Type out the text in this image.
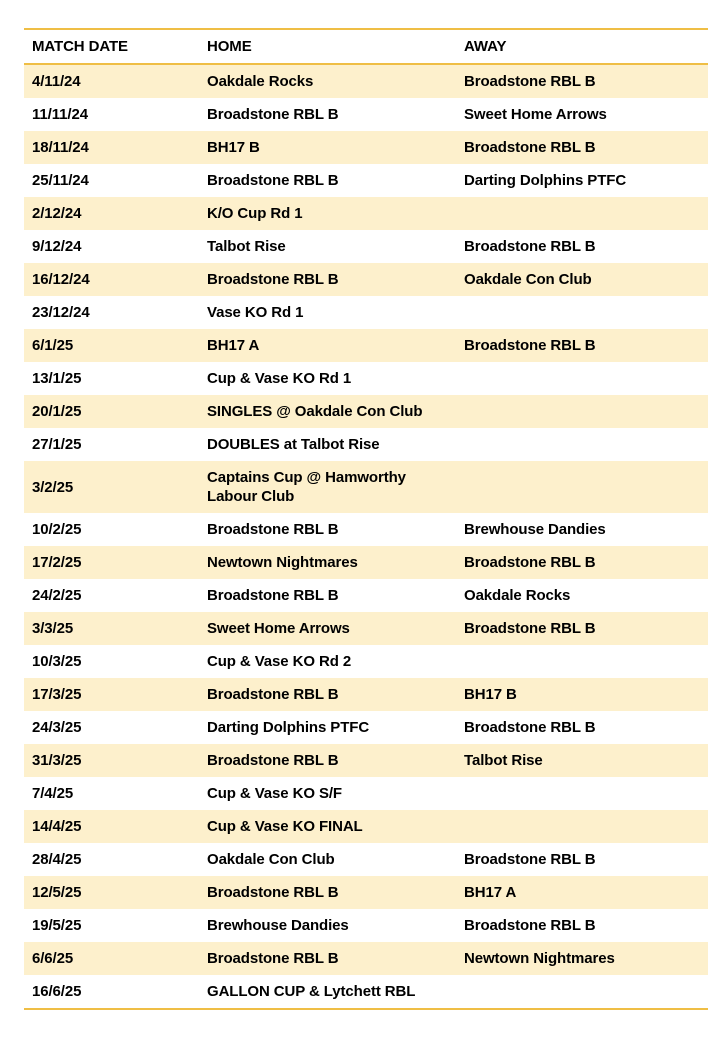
MATCH DATE	HOME	AWAY
4/11/24	Oakdale Rocks	Broadstone RBL B
11/11/24	Broadstone RBL B	Sweet Home Arrows
18/11/24	BH17 B	Broadstone RBL B
25/11/24	Broadstone RBL B	Darting Dolphins PTFC
2/12/24	K/O Cup Rd 1	
9/12/24	Talbot Rise	Broadstone RBL B
16/12/24	Broadstone RBL B	Oakdale Con Club
23/12/24	Vase KO Rd 1	
6/1/25	BH17 A	Broadstone RBL B
13/1/25	Cup & Vase KO Rd 1	
20/1/25	SINGLES @ Oakdale Con Club	
27/1/25	DOUBLES at Talbot Rise	
3/2/25	Captains Cup @ Hamworthy Labour Club	
10/2/25	Broadstone RBL B	Brewhouse Dandies
17/2/25	Newtown Nightmares	Broadstone RBL B
24/2/25	Broadstone RBL B	Oakdale Rocks
3/3/25	Sweet Home Arrows	Broadstone RBL B
10/3/25	Cup & Vase KO Rd 2	
17/3/25	Broadstone RBL B	BH17 B
24/3/25	Darting Dolphins PTFC	Broadstone RBL B
31/3/25	Broadstone RBL B	Talbot Rise
7/4/25	Cup & Vase KO S/F	
14/4/25	Cup & Vase KO FINAL	
28/4/25	Oakdale Con Club	Broadstone RBL B
12/5/25	Broadstone RBL B	BH17 A
19/5/25	Brewhouse Dandies	Broadstone RBL B
6/6/25	Broadstone RBL B	Newtown Nightmares
16/6/25	GALLON CUP & Lytchett RBL	
